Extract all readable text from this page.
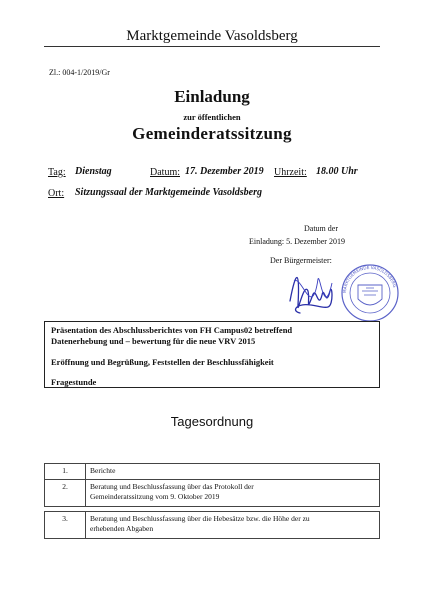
Marktgemeinde Vasoldsberg
Zl.: 004-1/2019/Gr
Einladung
zur öffentlichen
Gemeinderatssitzung
Tag: Dienstag	Datum: 17. Dezember 2019 Uhrzeit: 18.00 Uhr
Ort: Sitzungssaal der Marktgemeinde Vasoldsberg
Datum der
Einladung: 5. Dezember 2019
Der Bürgermeister:
MARKTGEMEINDE VASOLDSBERG
Präsentation des Abschlussberichtes von FH Campus02 betreffend
Datenerhebung und – bewertung für die neue VRV 2015
Eröffnung und Begrüßung, Feststellen der Beschlussfähigkeit
Fragestunde
Tagesordnung
1.	Berichte
2.	Beratung und Beschlussfassung über das Protokoll der
Gemeinderatssitzung vom 9. Oktober 2019

3.	Beratung und Beschlussfassung über die Hebesätze bzw. die Höhe der zu
erhebenden Abgaben
